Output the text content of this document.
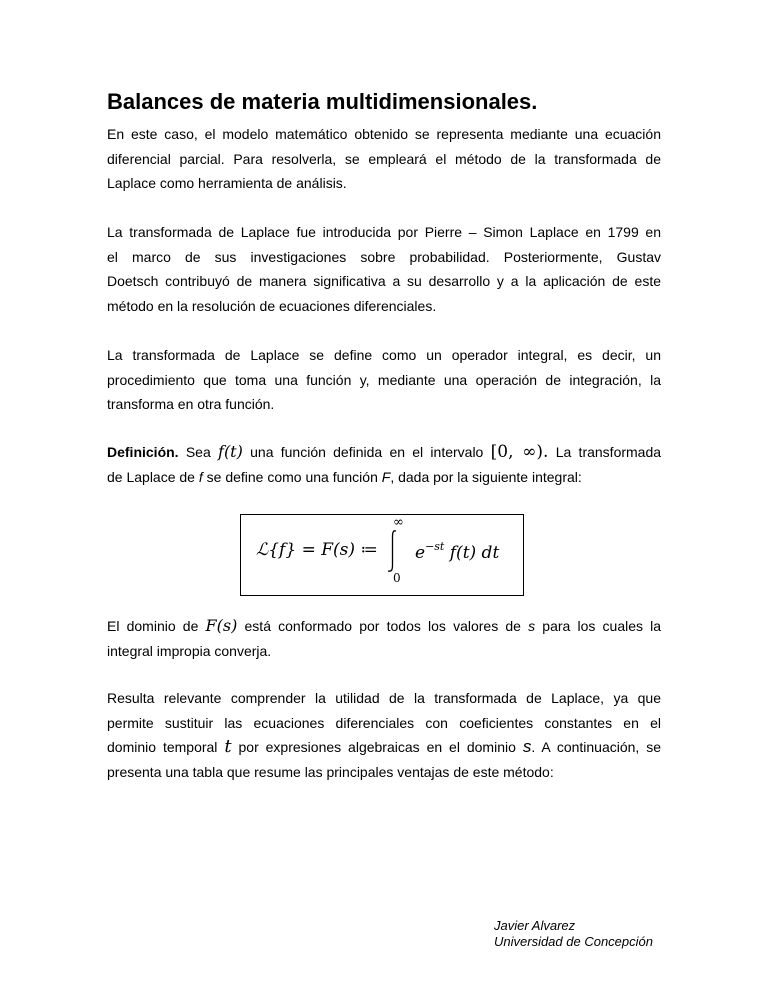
Balances de materia multidimensionales.
En este caso, el modelo matemático obtenido se representa mediante una ecuación
diferencial parcial. Para resolverla, se empleará el método de la transformada de
Laplace como herramienta de análisis.
La transformada de Laplace fue introducida por Pierre – Simon Laplace en 1799 en
el marco de sus investigaciones sobre probabilidad. Posteriormente, Gustav
Doetsch contribuyó de manera significativa a su desarrollo y a la aplicación de este
método en la resolución de ecuaciones diferenciales.
La transformada de Laplace se define como un operador integral, es decir, un
procedimiento que toma una función y, mediante una operación de integración, la
transforma en otra función.
Definición. Sea f(t) una función definida en el intervalo [0, ∞). La transformada
de Laplace de f se define como una función F, dada por la siguiente integral:
ℒ{f} = F(s) ≔
∞
0
$e^{-st}$ f(t) dt
El dominio de F(s) está conformado por todos los valores de s para los cuales la
integral impropia converja.
Resulta relevante comprender la utilidad de la transformada de Laplace, ya que
permite sustituir las ecuaciones diferenciales con coeficientes constantes en el
dominio temporal t por expresiones algebraicas en el dominio s. A continuación, se
presenta una tabla que resume las principales ventajas de este método:
Javier Alvarez
Universidad de Concepción
